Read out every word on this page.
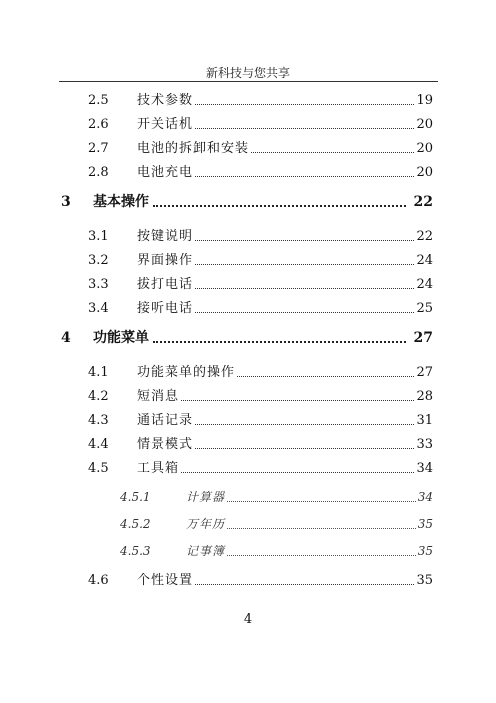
新科技与您共享
2.5 技术参数	19
2.6 开关话机	20
2.7 电池的拆卸和安装	20
2.8 电池充电	20
3 基本操作	22
3.1 按键说明	22
3.2 界面操作	24
3.3 拔打电话	24
3.4 接听电话	25
4 功能菜单	27
4.1 功能菜单的操作	27
4.2 短消息	28
4.3 通话记录	31
4.4 情景模式	33
4.5 工具箱	34
4.5.1	计算器	34
4.5.2	万年历	35
4.5.3	记事簿	35
4.6 个性设置	35
4
